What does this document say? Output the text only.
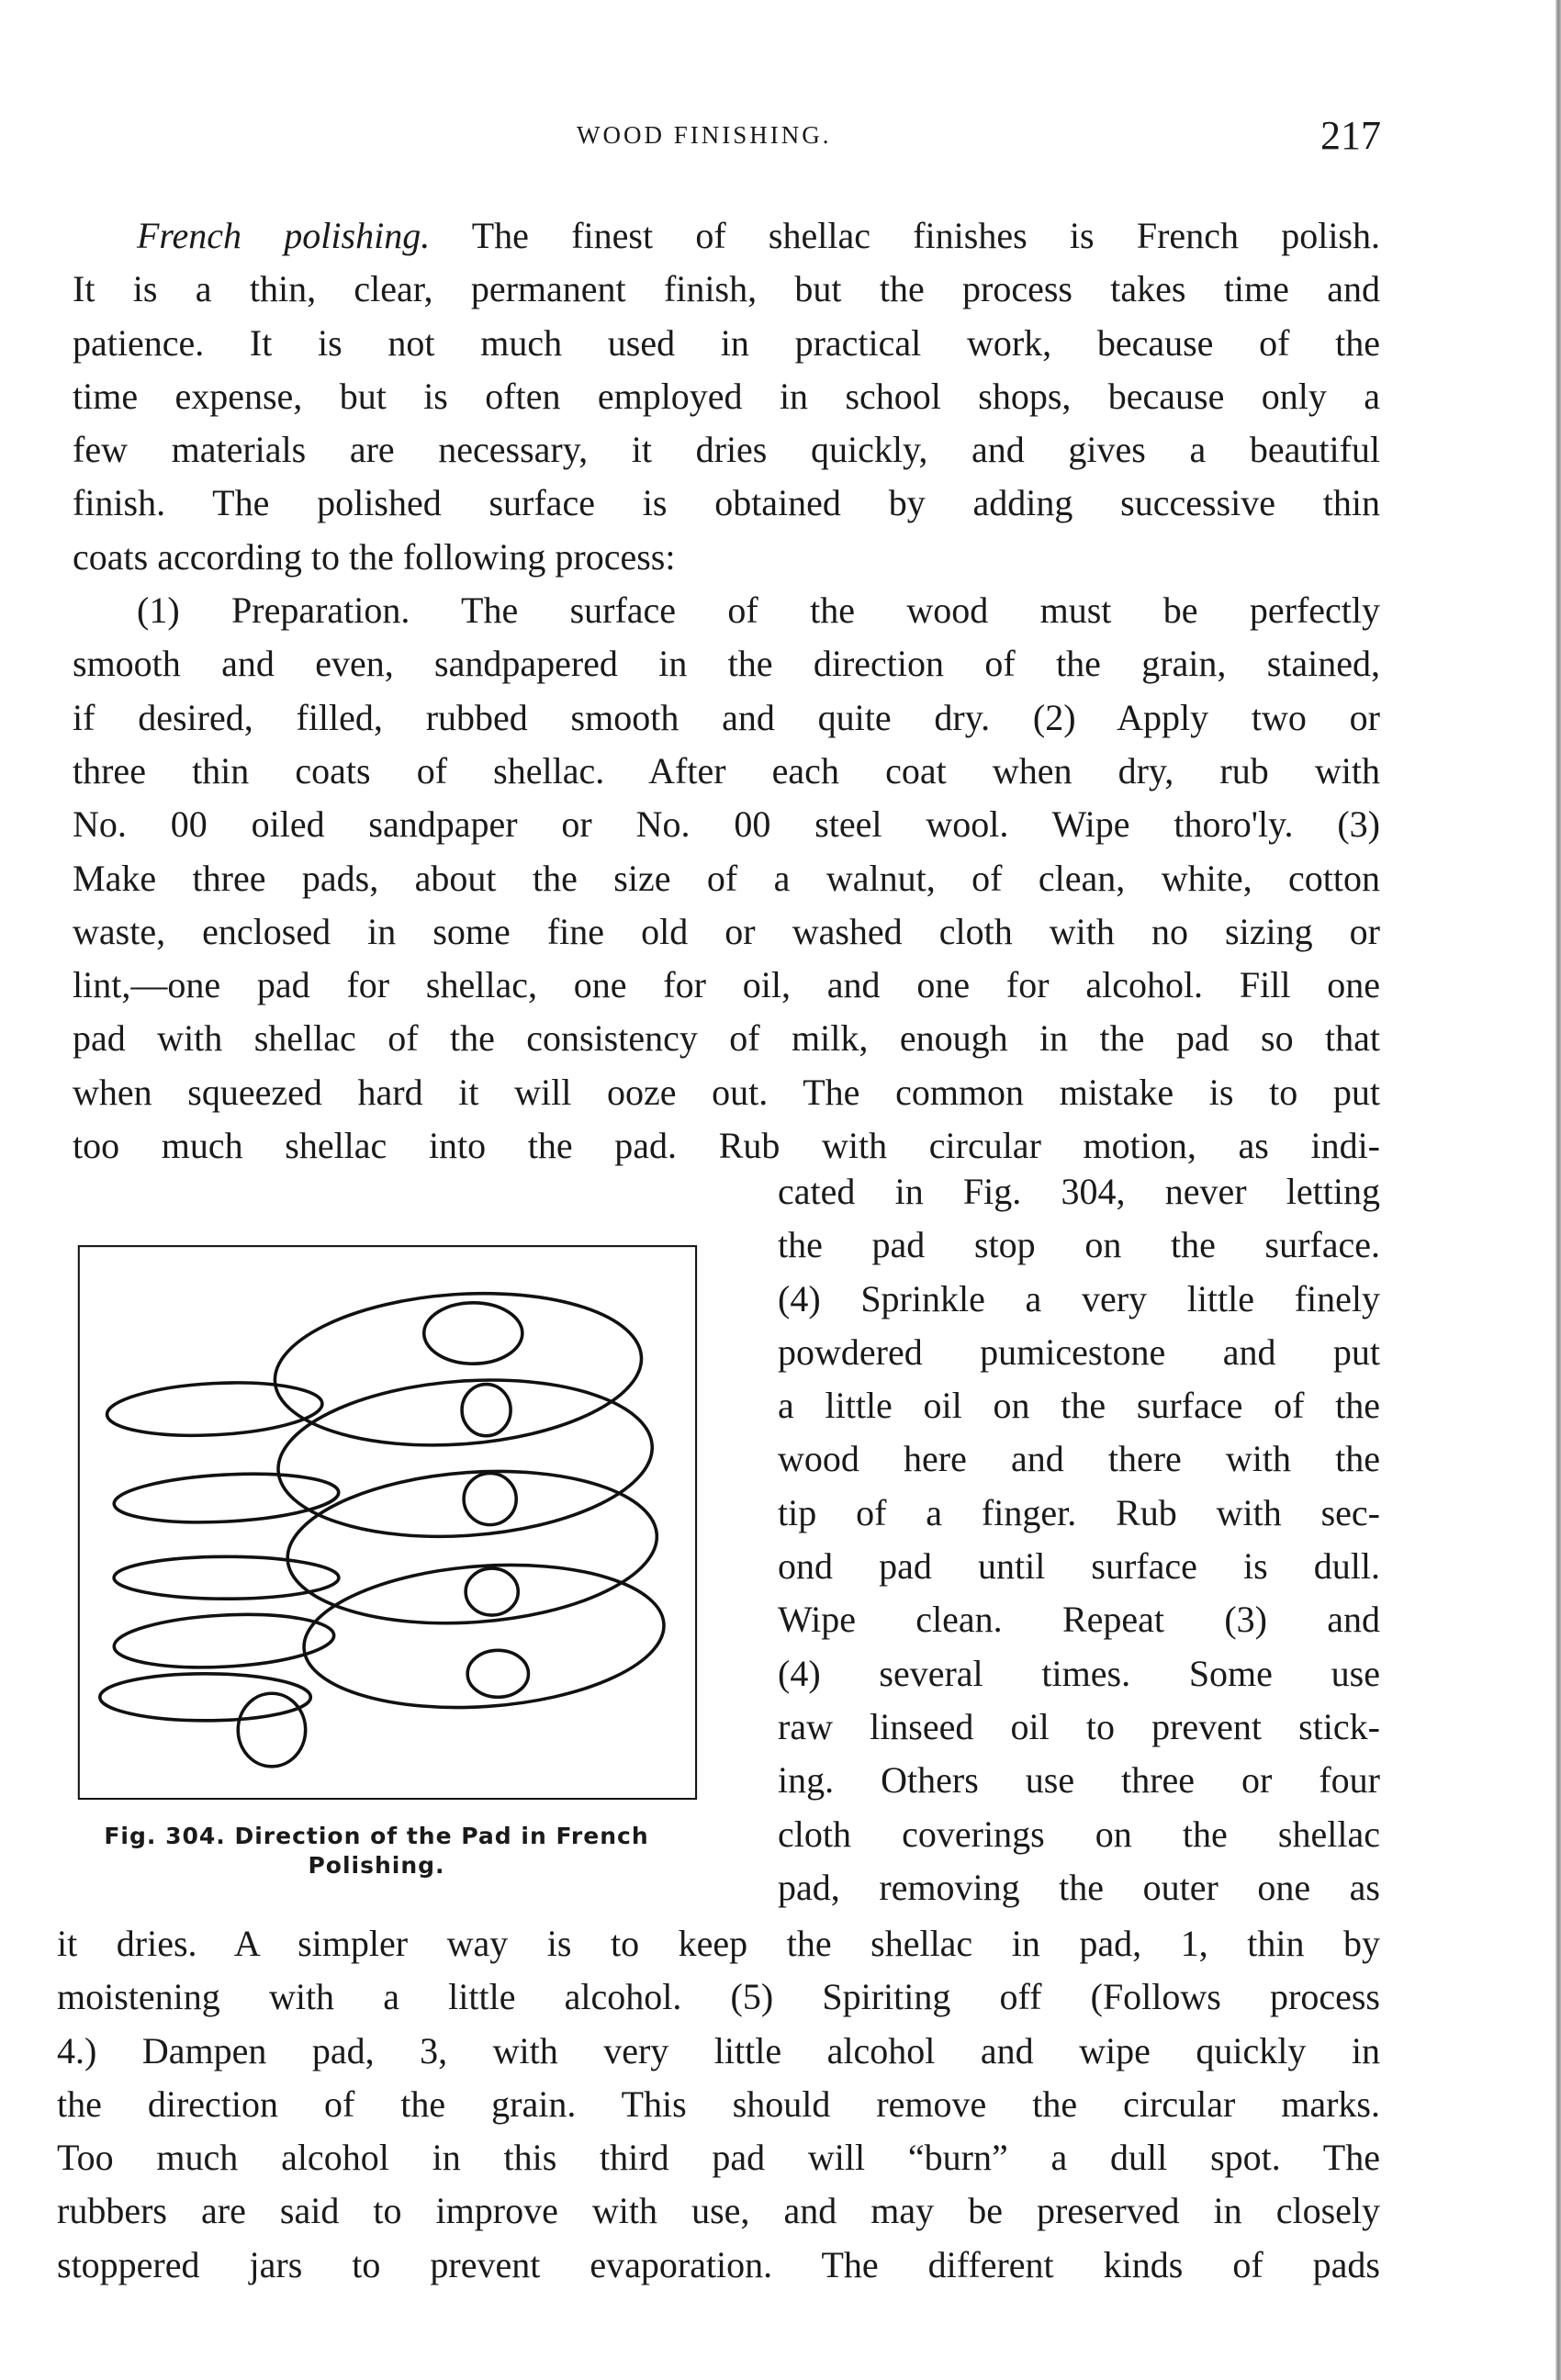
WOOD FINISHING.	217
French polishing. The finest of shellac finishes is French polish.
It is a thin, clear, permanent finish, but the process takes time and
patience. It is not much used in practical work, because of the
time expense, but is often employed in school shops, because only a
few materials are necessary, it dries quickly, and gives a beautiful
finish. The polished surface is obtained by adding successive thin
coats according to the following process:
(1) Preparation. The surface of the wood must be perfectly
smooth and even, sandpapered in the direction of the grain, stained,
if desired, filled, rubbed smooth and quite dry. (2) Apply two or
three thin coats of shellac. After each coat when dry, rub with
No. 00 oiled sandpaper or No. 00 steel wool. Wipe thoro'ly. (3)
Make three pads, about the size of a walnut, of clean, white, cotton
waste, enclosed in some fine old or washed cloth with no sizing or
lint,—one pad for shellac, one for oil, and one for alcohol. Fill one
pad with shellac of the consistency of milk, enough in the pad so that
when squeezed hard it will ooze out. The common mistake is to put
too much shellac into the pad. Rub with circular motion, as indi-
cated in Fig. 304, never letting
the pad stop on the surface.
(4) Sprinkle a very little finely
powdered pumicestone and put
a little oil on the surface of the
wood here and there with the
tip of a finger. Rub with sec-
ond pad until surface is dull.
Wipe clean. Repeat (3) and
(4) several times. Some use
raw linseed oil to prevent stick-
ing. Others use three or four
cloth coverings on the shellac
pad, removing the outer one as
it dries. A simpler way is to keep the shellac in pad, 1, thin by
moistening with a little alcohol. (5) Spiriting off (Follows process
4.) Dampen pad, 3, with very little alcohol and wipe quickly in
the direction of the grain. This should remove the circular marks.
Too much alcohol in this third pad will “burn” a dull spot. The
rubbers are said to improve with use, and may be preserved in closely
stoppered jars to prevent evaporation. The different kinds of pads
Fig. 304. Direction of the Pad in French
Polishing.
